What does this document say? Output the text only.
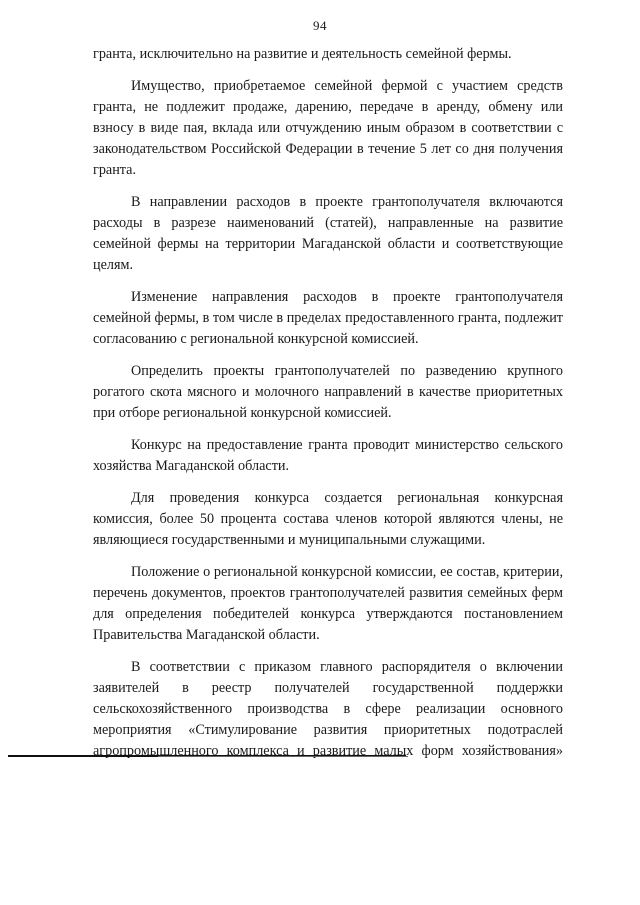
94

гранта, исключительно на развитие и деятельность семейной фермы.

Имущество, приобретаемое семейной фермой с участием средств гранта, не подлежит продаже, дарению, передаче в аренду, обмену или взносу в виде пая, вклада или отчуждению иным образом в соответствии с законодательством Российской Федерации в течение 5 лет со дня получения гранта.

В направлении расходов в проекте грантополучателя включаются расходы в разрезе наименований (статей), направленные на развитие семейной фермы на территории Магаданской области и соответствующие целям.

Изменение направления расходов в проекте грантополучателя семейной фермы, в том числе в пределах предоставленного гранта, подлежит согласованию с региональной конкурсной комиссией.

Определить проекты грантополучателей по разведению крупного рогатого скота мясного и молочного направлений в качестве приоритетных при отборе региональной конкурсной комиссией.

Конкурс на предоставление гранта проводит министерство сельского хозяйства Магаданской области.

Для проведения конкурса создается региональная конкурсная комиссия, более 50 процента состава членов которой являются члены, не являющиеся государственными и муниципальными служащими.

Положение о региональной конкурсной комиссии, ее состав, критерии, перечень документов, проектов грантополучателей развития семейных ферм для определения победителей конкурса утверждаются постановлением Правительства Магаданской области.

В соответствии с приказом главного распорядителя о включении заявителей в реестр получателей государственной поддержки сельскохозяйственного производства в сфере реализации основного мероприятия «Стимулирование развития приоритетных подотраслей агропромышленного комплекса и развитие малых форм хозяйствования»
